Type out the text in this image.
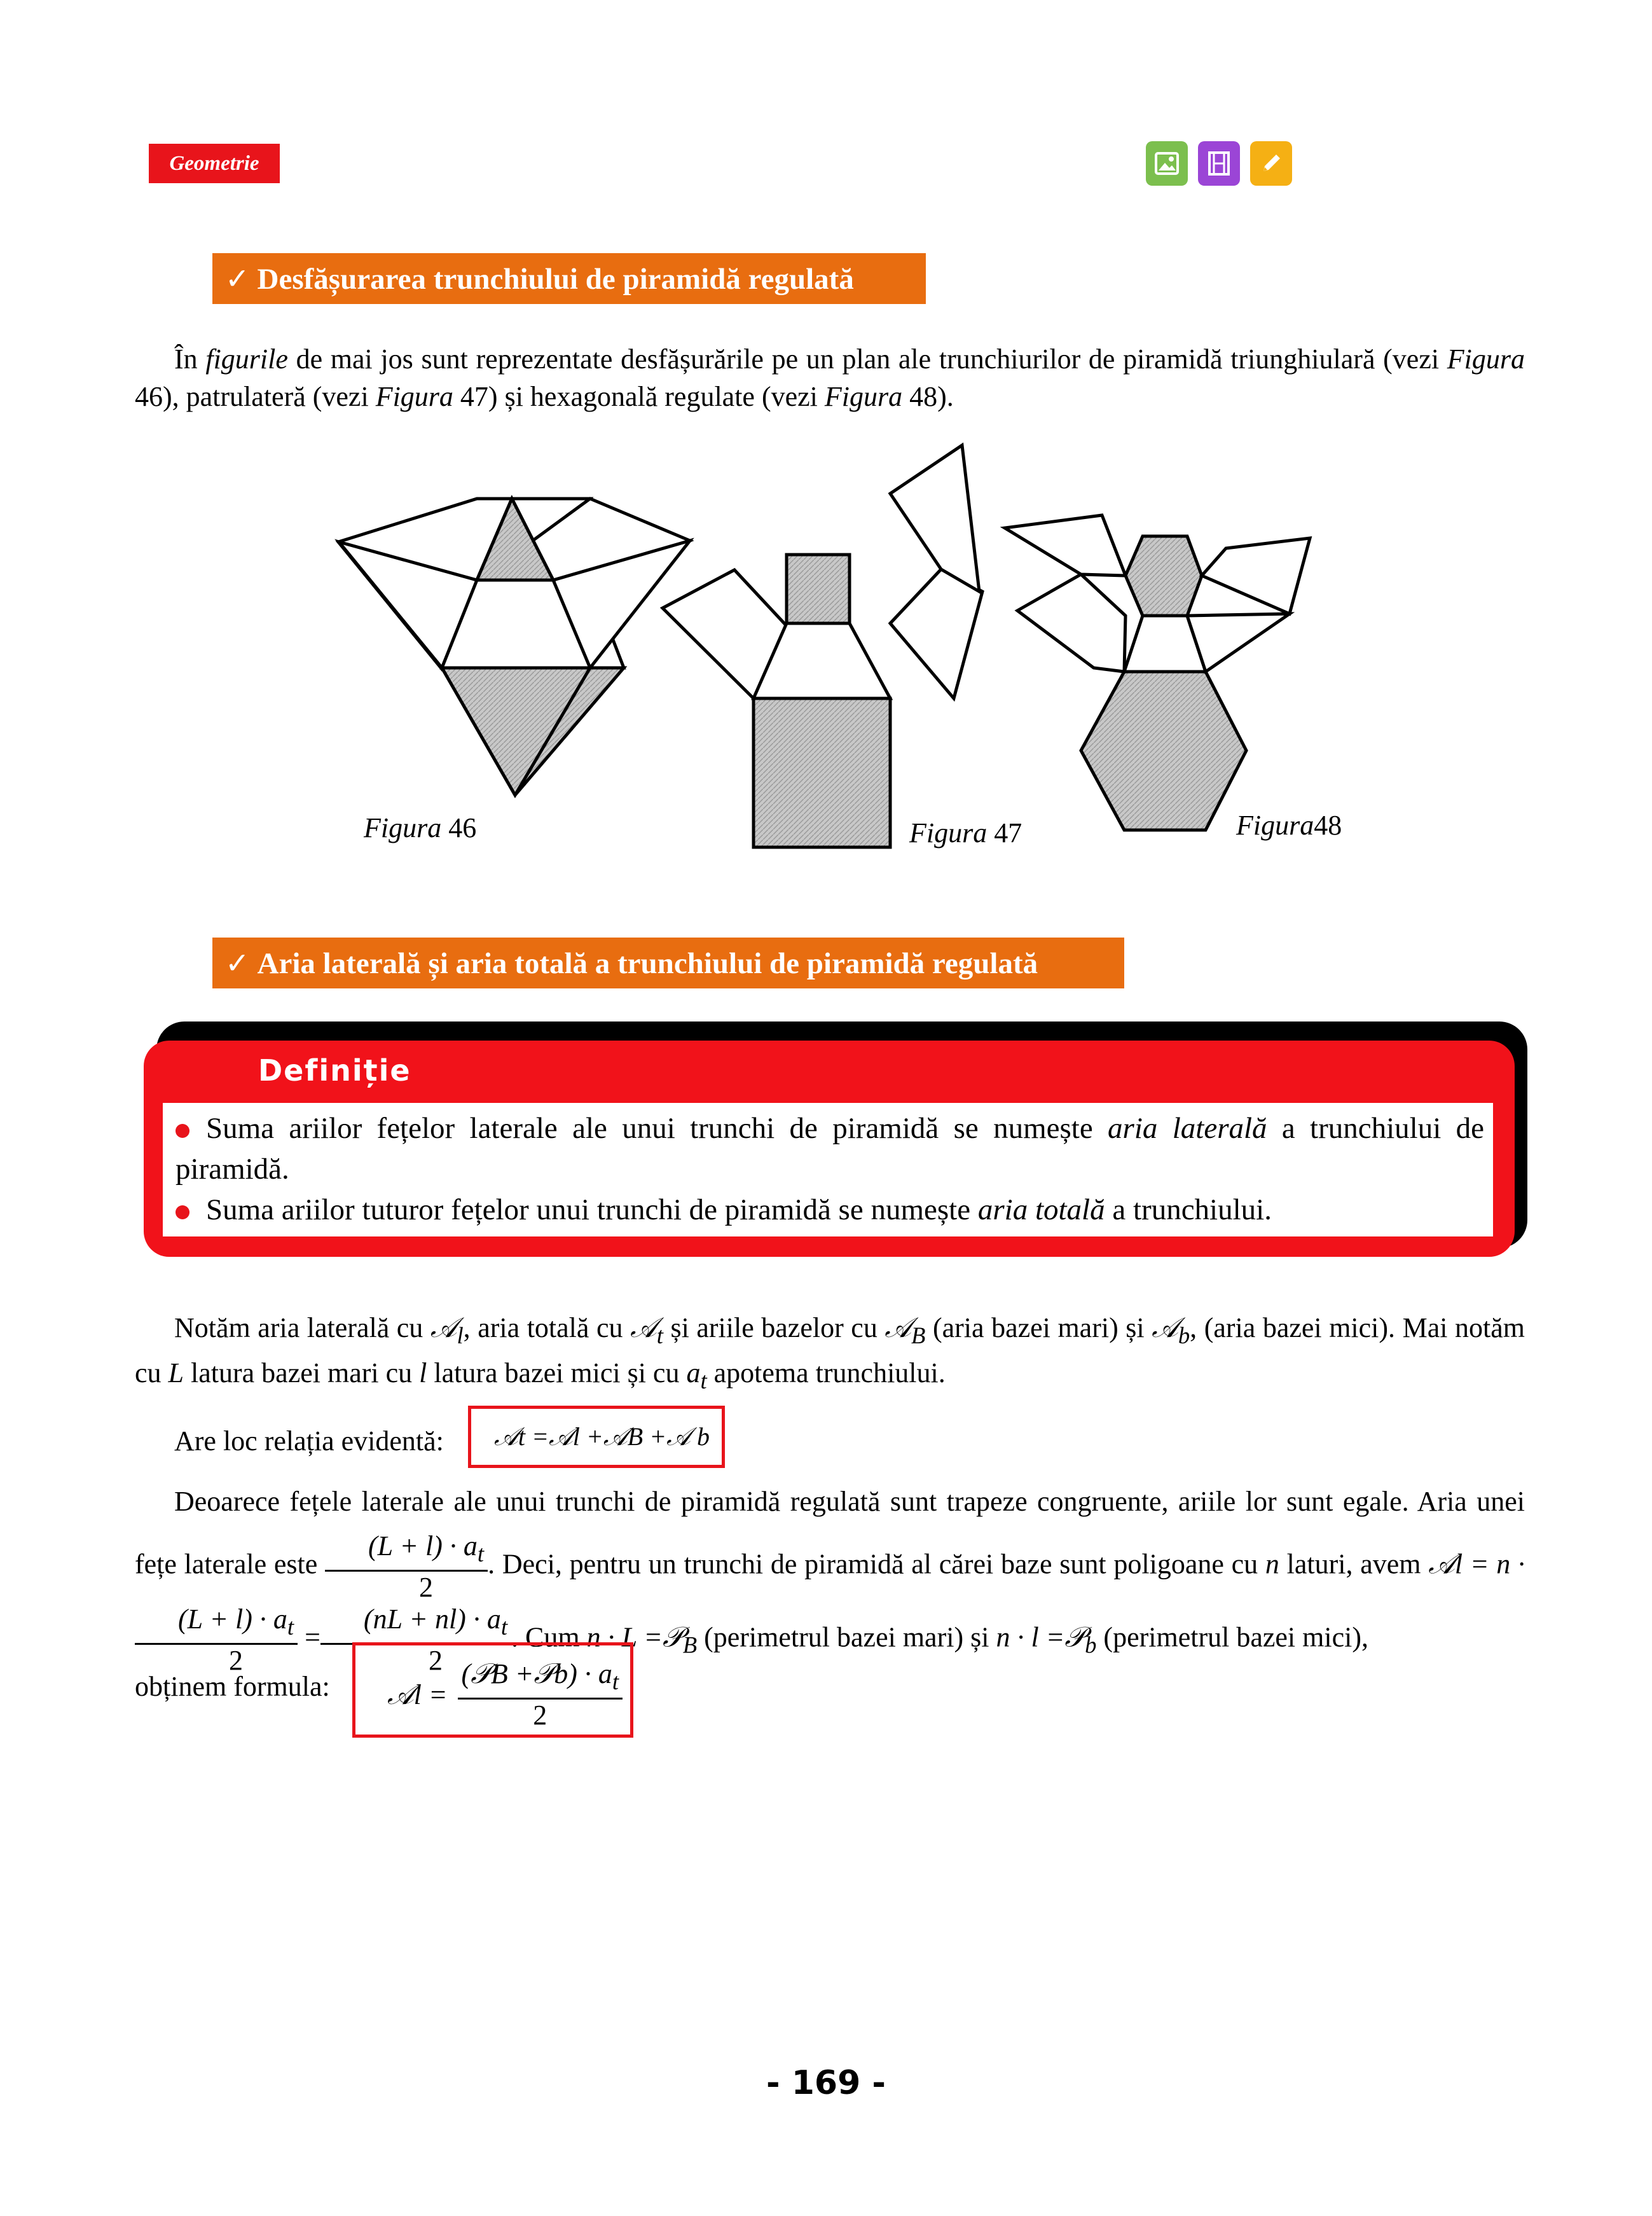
Geometrie
✓ Desfășurarea trunchiului de piramidă regulată
În figurile de mai jos sunt reprezentate desfășurările pe un plan ale trunchiurilor de piramidă triunghiulară (vezi Figura 46), patrulateră (vezi Figura 47) și hexagonală regulate (vezi Figura 48).
Figura 46	Figura 47	Figura48
✓ Aria laterală și aria totală a trunchiului de piramidă regulată
Definiție
Suma ariilor fețelor laterale ale unui trunchi de piramidă se numește aria laterală a trunchiului de piramidă.
Suma ariilor tuturor fețelor unui trunchi de piramidă se numește aria totală a trunchiului.
Notăm aria laterală cu 𝒜$_l$, aria totală cu 𝒜$_t$ și ariile bazelor cu 𝒜$_B$ (aria bazei mari) și 𝒜$_b$, (aria bazei mici). Mai notăm cu L latura bazei mari cu l latura bazei mici și cu $a_t$ apotema trunchiului.
Are loc relația evidentă:	𝒜t =𝒜l +𝒜B +𝒜 b
Deoarece fețele laterale ale unui trunchi de piramidă regulată sunt trapeze congruente, ariile lor sunt egale. Aria unei fețe laterale este $\frac{(L + l) \cdot a_t}{2}$ . Deci, pentru un trunchi de piramidă al cărei baze sunt poligoane cu n laturi, avem 𝒜l = n ·
$\frac{(L + l) \cdot a_t}{2} = \frac{(nL + nl) \cdot a_t}{2}$ . Cum n · L =𝒫$_B$ (perimetrul bazei mari) și n · l =𝒫$_b$ (perimetrul bazei mici),
obținem formula: 𝒜l = $\frac{(𝒫B +𝒫b) \cdot a_t}{2}$
- 169 -
